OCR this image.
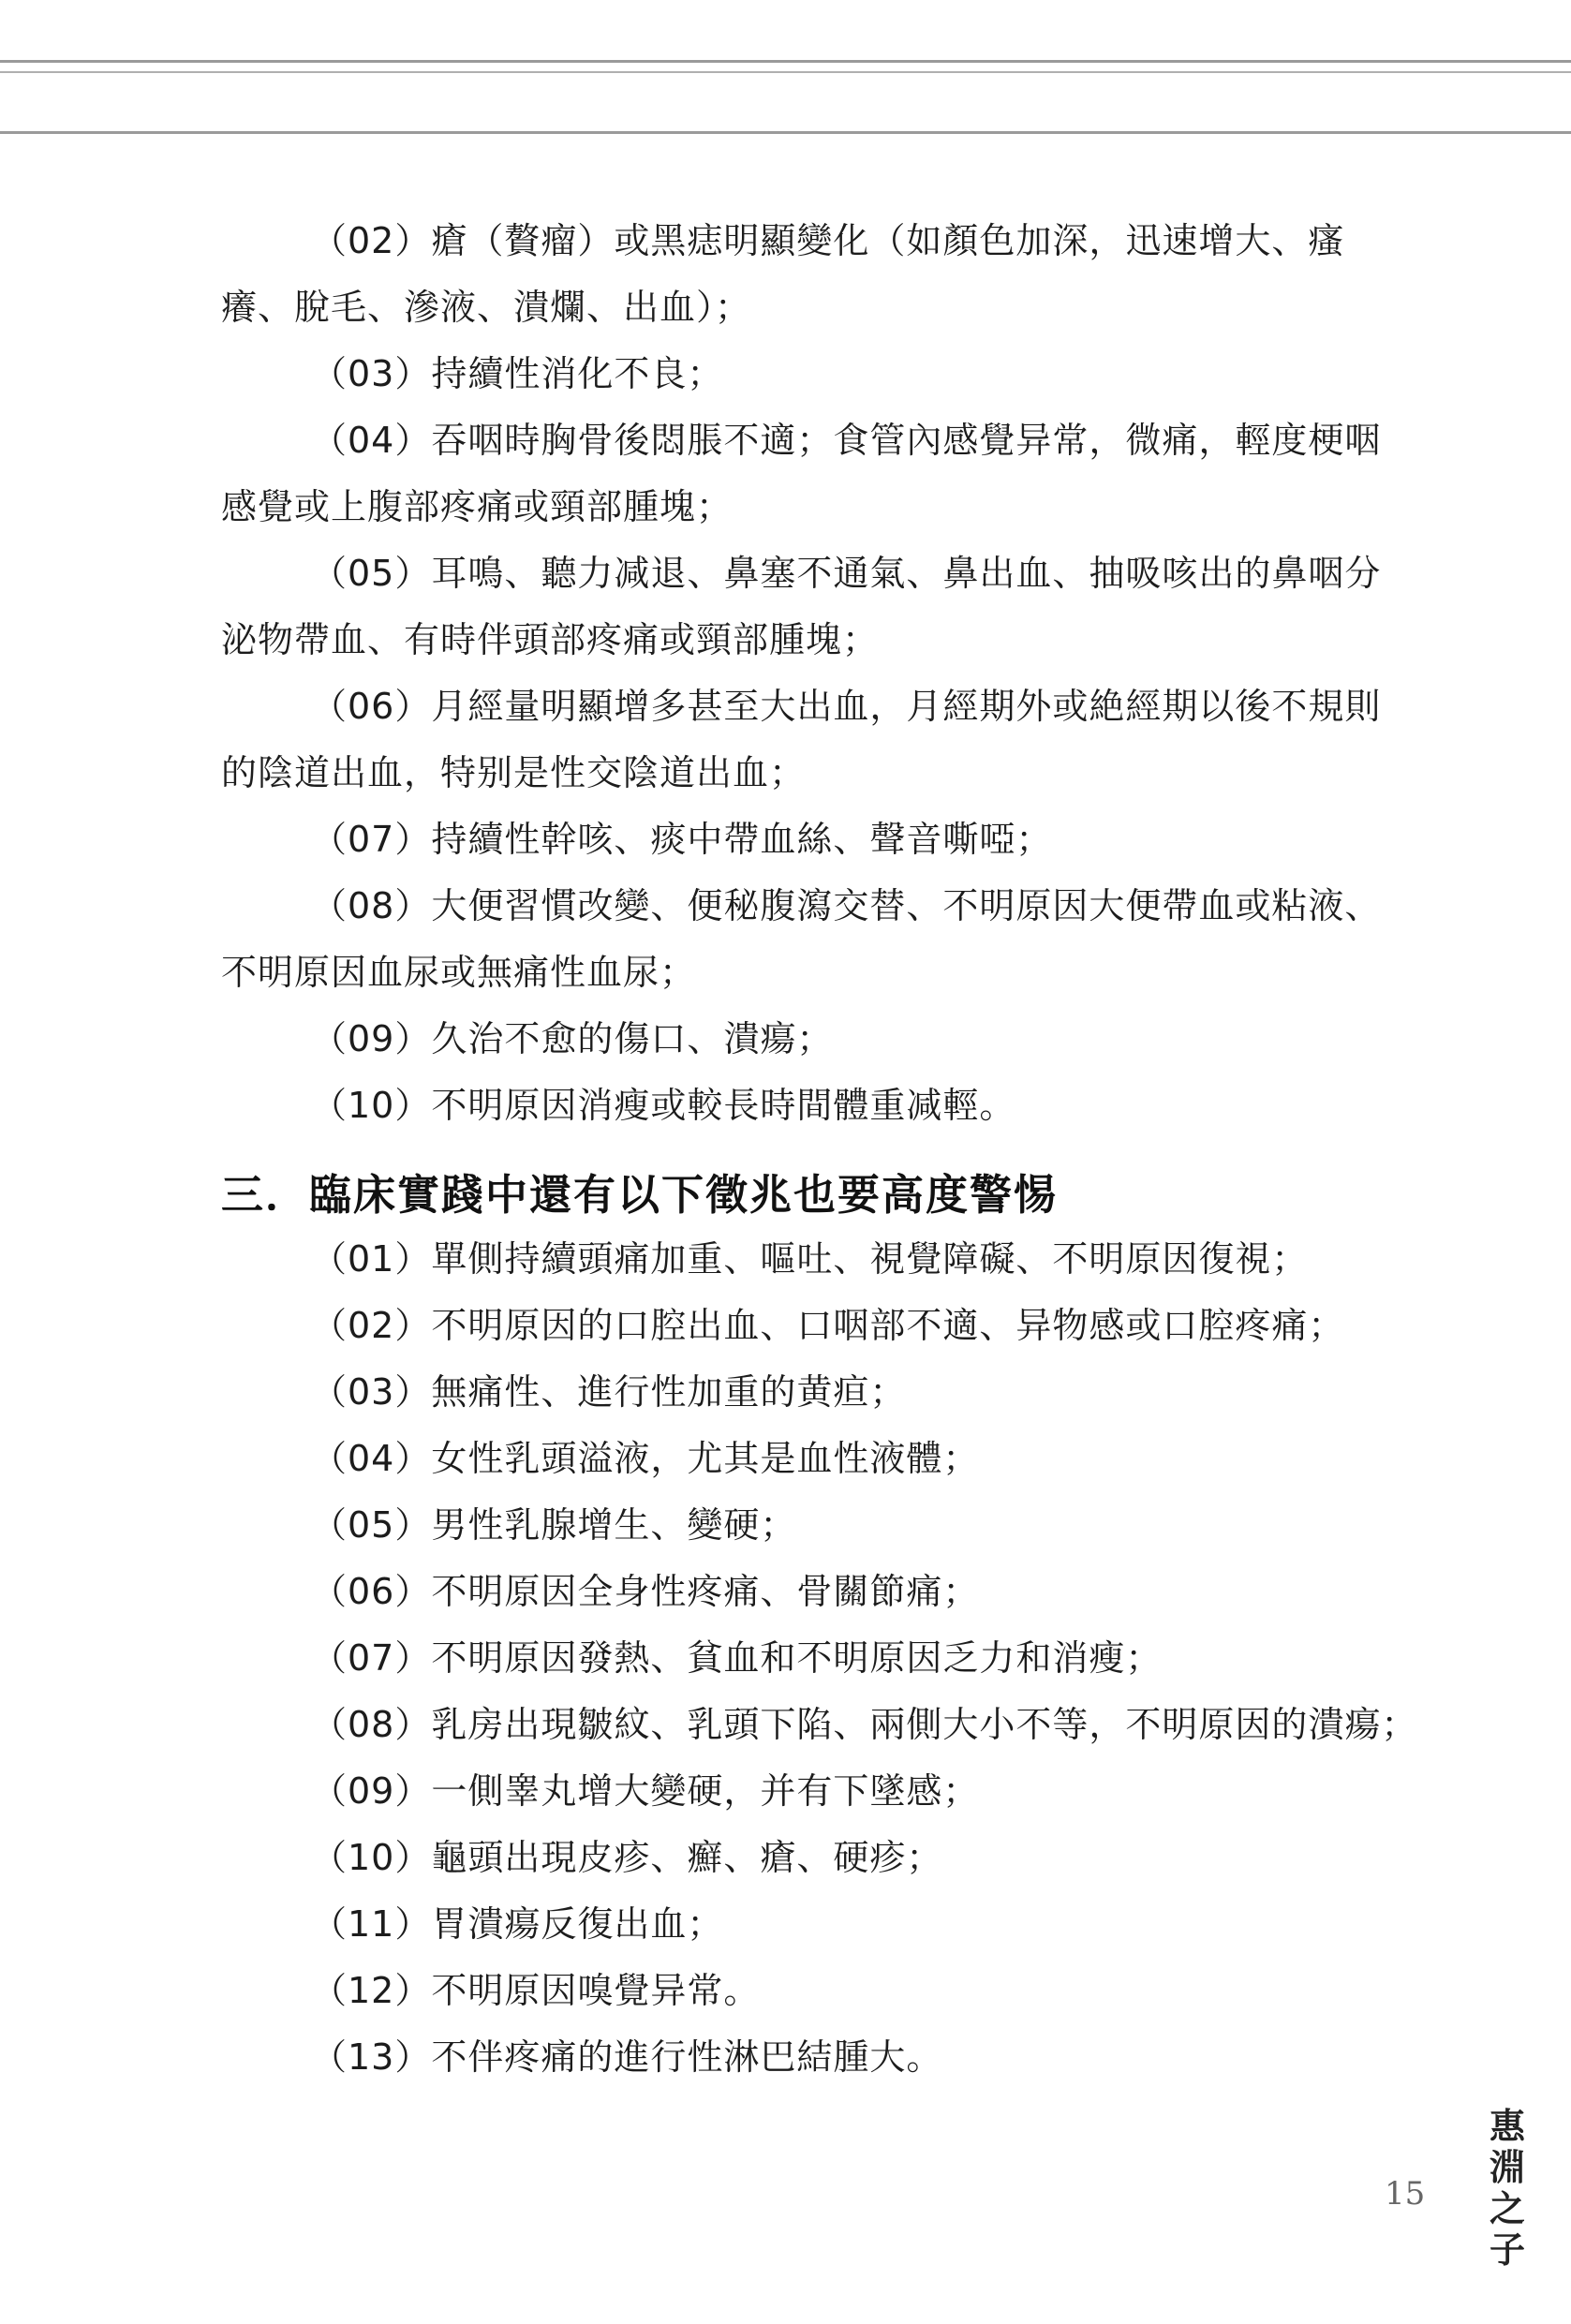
（02）瘡（贅瘤）或黑痣明顯變化（如顏色加深，迅速增大、瘙癢、脫毛、滲液、潰爛、出血）；

（03）持續性消化不良；

（04）吞咽時胸骨後悶脹不適；食管內感覺异常，微痛，輕度梗咽感覺或上腹部疼痛或頸部腫塊；

（05）耳鳴、聽力减退、鼻塞不通氣、鼻出血、抽吸咳出的鼻咽分泌物帶血、有時伴頭部疼痛或頸部腫塊；

（06）月經量明顯增多甚至大出血，月經期外或絶經期以後不規則的陰道出血，特别是性交陰道出血；

（07）持續性幹咳、痰中帶血絲、聲音嘶啞；

（08）大便習慣改變、便秘腹瀉交替、不明原因大便帶血或粘液、不明原因血尿或無痛性血尿；

（09）久治不愈的傷口、潰瘍；

（10）不明原因消瘦或較長時間體重减輕。

三．臨床實踐中還有以下徵兆也要高度警惕
（01）單側持續頭痛加重、嘔吐、視覺障礙、不明原因復視；
（02）不明原因的口腔出血、口咽部不適、异物感或口腔疼痛；
（03）無痛性、進行性加重的黄疸；
（04）女性乳頭溢液，尤其是血性液體；
（05）男性乳腺增生、變硬；
（06）不明原因全身性疼痛、骨關節痛；
（07）不明原因發熱、貧血和不明原因乏力和消瘦；
（08）乳房出現皺紋、乳頭下陷、兩側大小不等，不明原因的潰瘍；
（09）一側睾丸增大變硬，并有下墜感；
（10）龜頭出現皮疹、癬、瘡、硬疹；
（11）胃潰瘍反復出血；
（12）不明原因嗅覺异常。
（13）不伴疼痛的進行性淋巴結腫大。
15
惠淵之子
